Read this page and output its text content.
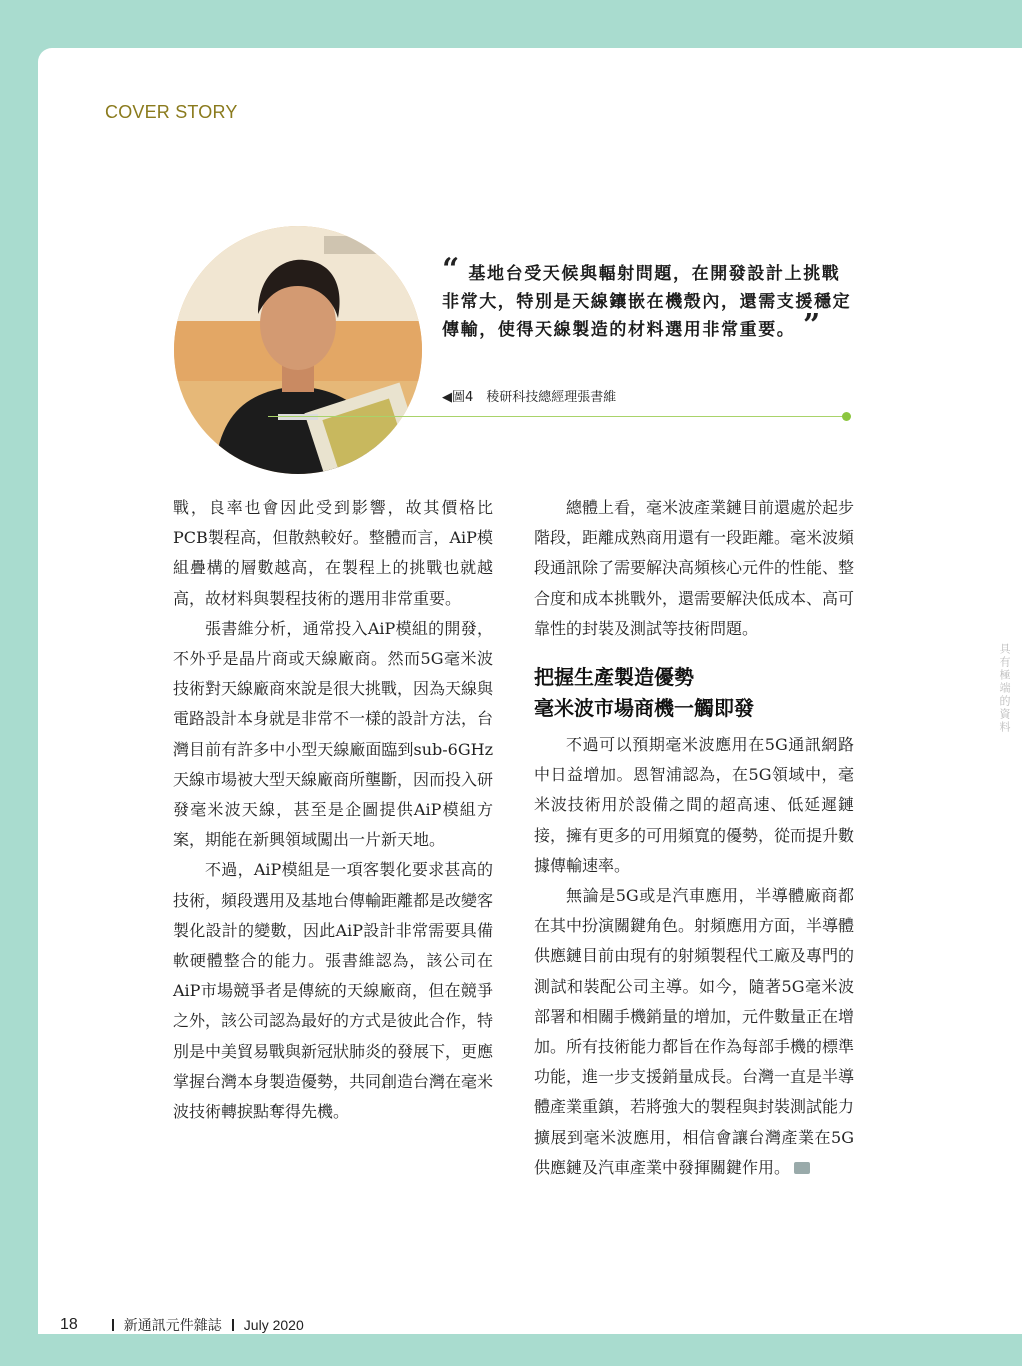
COVER STORY

“ 基地台受天候與輻射問題，在開發設計上挑戰非常大，特別是天線鑲嵌在機殼內，還需支援穩定傳輸，使得天線製造的材料選用非常重要。 ”

◀圖4　稜研科技總經理張書維

戰，良率也會因此受到影響，故其價格比PCB製程高，但散熱較好。整體而言，AiP模組疊構的層數越高，在製程上的挑戰也就越高，故材料與製程技術的選用非常重要。

張書維分析，通常投入AiP模組的開發，不外乎是晶片商或天線廠商。然而5G毫米波技術對天線廠商來說是很大挑戰，因為天線與電路設計本身就是非常不一樣的設計方法，台灣目前有許多中小型天線廠面臨到sub-6GHz天線市場被大型天線廠商所壟斷，因而投入研發毫米波天線，甚至是企圖提供AiP模組方案，期能在新興領域闖出一片新天地。

不過，AiP模組是一項客製化要求甚高的技術，頻段選用及基地台傳輸距離都是改變客製化設計的變數，因此AiP設計非常需要具備軟硬體整合的能力。張書維認為，該公司在AiP市場競爭者是傳統的天線廠商，但在競爭之外，該公司認為最好的方式是彼此合作，特別是中美貿易戰與新冠狀肺炎的發展下，更應掌握台灣本身製造優勢，共同創造台灣在毫米波技術轉捩點奪得先機。

總體上看，毫米波產業鏈目前還處於起步階段，距離成熟商用還有一段距離。毫米波頻段通訊除了需要解決高頻核心元件的性能、整合度和成本挑戰外，還需要解決低成本、高可靠性的封裝及測試等技術問題。

把握生產製造優勢
毫米波市場商機一觸即發

不過可以預期毫米波應用在5G通訊網路中日益增加。恩智浦認為，在5G領域中，毫米波技術用於設備之間的超高速、低延遲鏈接，擁有更多的可用頻寬的優勢，從而提升數據傳輸速率。

無論是5G或是汽車應用，半導體廠商都在其中扮演關鍵角色。射頻應用方面，半導體供應鏈目前由現有的射頻製程代工廠及專門的測試和裝配公司主導。如今，隨著5G毫米波部署和相關手機銷量的增加，元件數量正在增加。所有技術能力都旨在作為每部手機的標準功能，進一步支援銷量成長。台灣一直是半導體產業重鎮，若將強大的製程與封裝測試能力擴展到毫米波應用，相信會讓台灣產業在5G供應鏈及汽車產業中發揮關鍵作用。

具有極端的資料
18	新通訊元件雜誌 July 2020
